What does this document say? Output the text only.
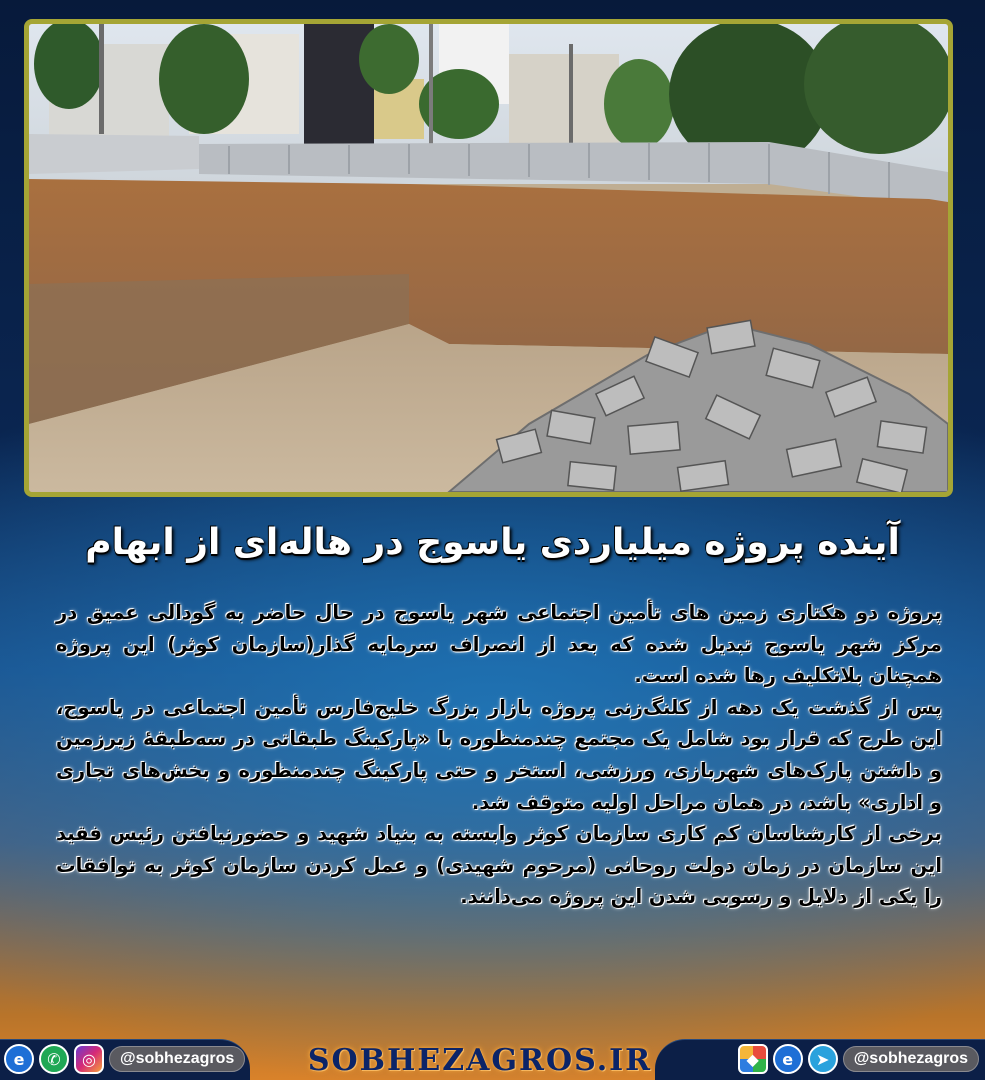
آینده پروژه میلیاردی یاسوج در هاله‌ای از ابهام

پروژه دو هکتاری زمین های تأمین اجتماعی شهر یاسوج در حال حاضر به گودالی عمیق در مرکز شهر یاسوج تبدیل شده که بعد از انصراف سرمایه گذار(سازمان کوثر) این پروژه همچنان بلاتکلیف رها شده است.

پس از گذشت یک دهه از کلنگ‌زنی پروژه بازار بزرگ خلیج‌فارس تأمین اجتماعی در یاسوج، این طرح که قرار بود شامل یک مجتمع چندمنظوره با «پارکینگ طبقاتی در سه‌طبقۀ زیرزمین و داشتن پارک‌های شهربازی، ورزشی، استخر و حتی پارکینگ چندمنظوره و بخش‌های تجاری و اداری» باشد، در همان مراحل اولیه متوقف شد.

برخی از کارشناسان کم کاری سازمان کوثر وابسته به بنیاد شهید و حضورنیافتن رئیس فقید این سازمان در زمان دولت روحانی (مرحوم شهیدی) و عمل کردن سازمان کوثر به توافقات را یکی از دلایل و رسوبی شدن این پروژه می‌دانند.

e	✆	◎	@sobhezagros	SOBHEZAGROS.IR	◆	e	➤	@sobhezagros
